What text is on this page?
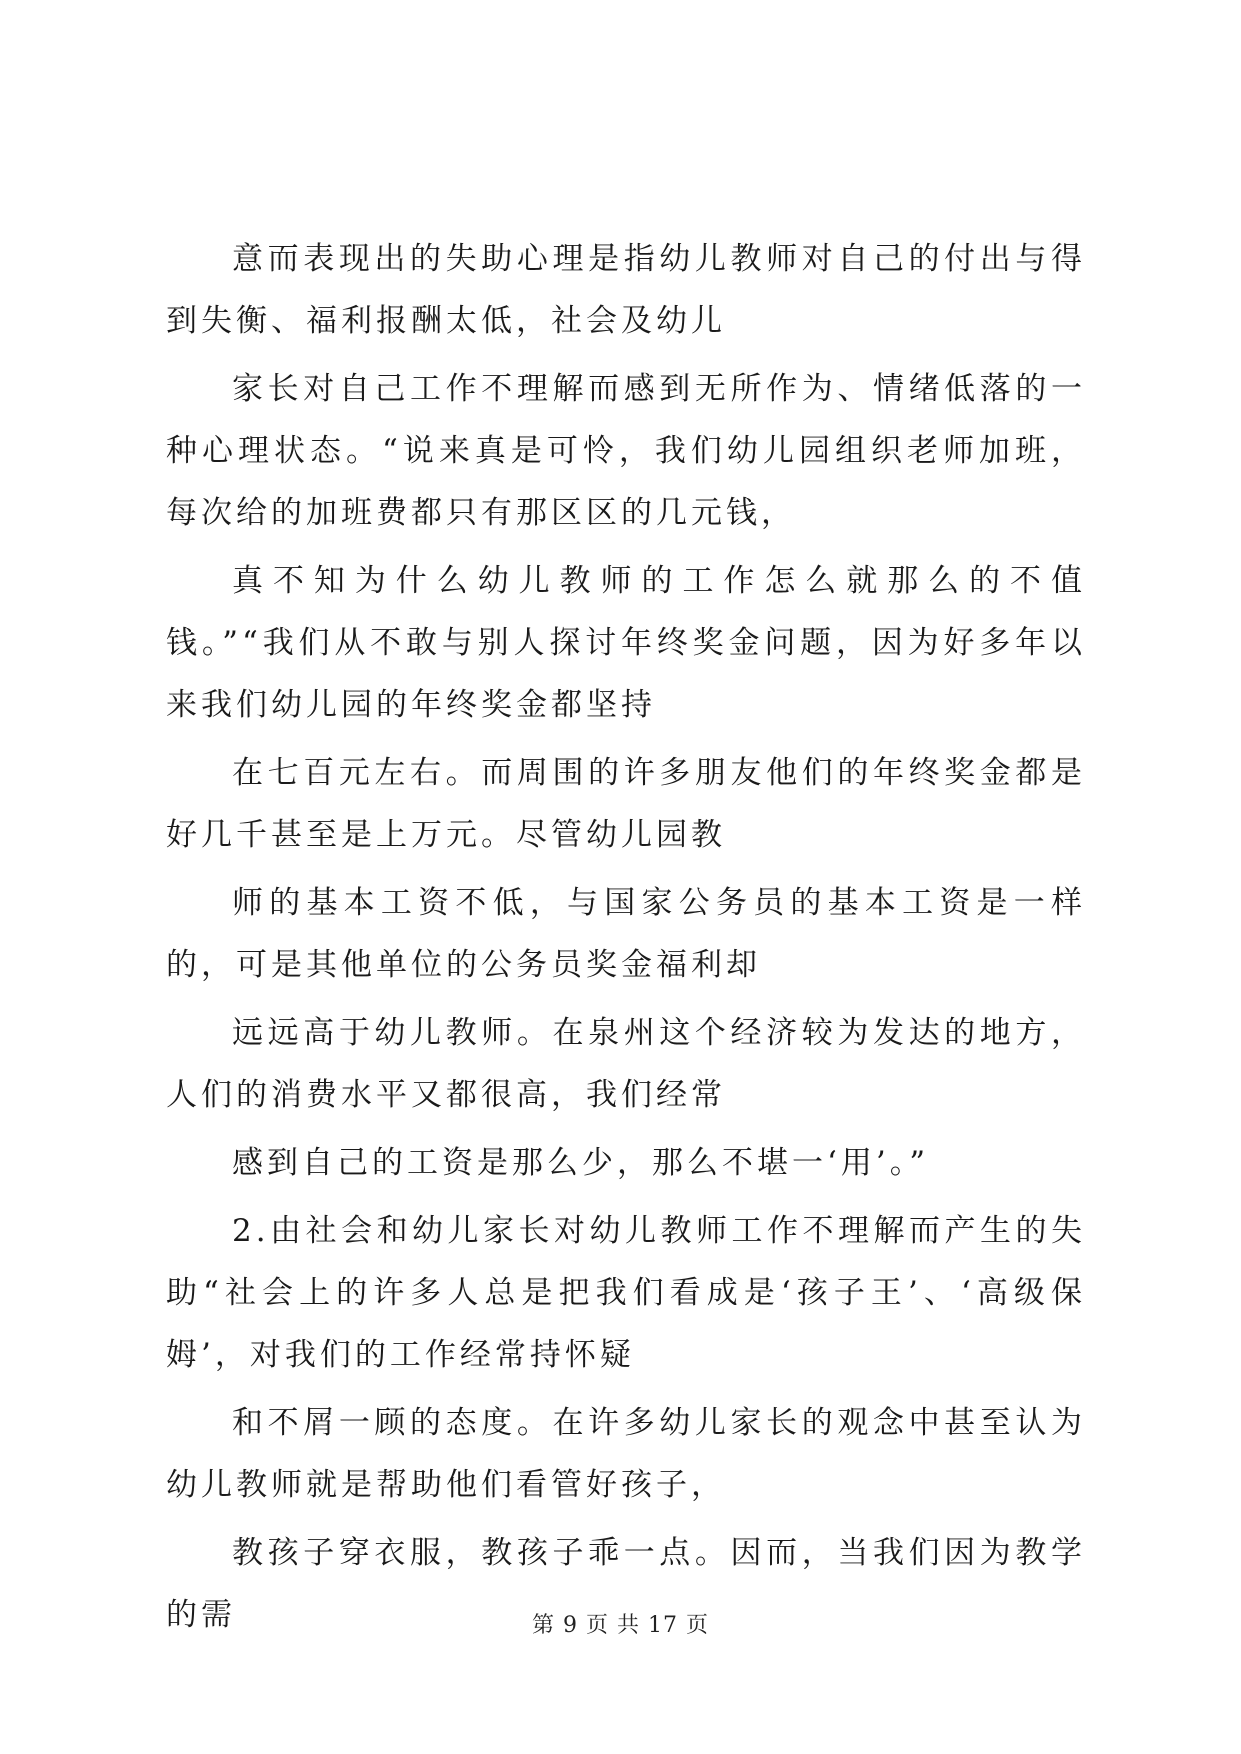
意而表现出的失助心理是指幼儿教师对自己的付出与得到失衡、福利报酬太低，社会及幼儿

家长对自己工作不理解而感到无所作为、情绪低落的一种心理状态。“说来真是可怜，我们幼儿园组织老师加班，每次给的加班费都只有那区区的几元钱，

真不知为什么幼儿教师的工作怎么就那么的不值钱。”“我们从不敢与别人探讨年终奖金问题，因为好多年以来我们幼儿园的年终奖金都坚持

在七百元左右。而周围的许多朋友他们的年终奖金都是好几千甚至是上万元。尽管幼儿园教

师的基本工资不低，与国家公务员的基本工资是一样的，可是其他单位的公务员奖金福利却

远远高于幼儿教师。在泉州这个经济较为发达的地方，人们的消费水平又都很高，我们经常

感到自己的工资是那么少，那么不堪一‘用’。”

2.由社会和幼儿家长对幼儿教师工作不理解而产生的失助“社会上的许多人总是把我们看成是‘孩子王’、‘高级保姆’，对我们的工作经常持怀疑

和不屑一顾的态度。在许多幼儿家长的观念中甚至认为幼儿教师就是帮助他们看管好孩子，

教孩子穿衣服，教孩子乖一点。因而，当我们因为教学的需	第 9 页 共 17 页
